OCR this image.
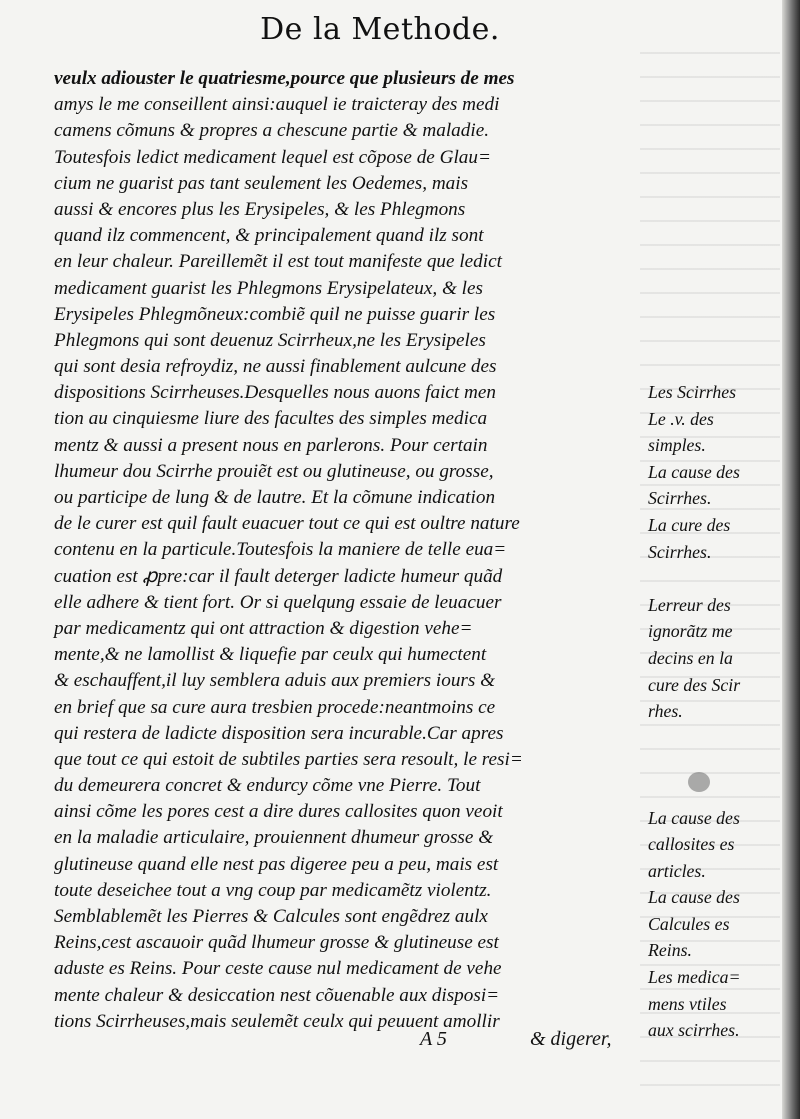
De la Methode.
veulx adiouster le quatriesme,pource que plusieurs de mes
amys le me conseillent ainsi:auquel ie traicteray des medi
camens cõmuns & propres a chescune partie & maladie.
Toutesfois ledict medicament lequel est cõpose de Glau=
cium ne guarist pas tant seulement les Oedemes, mais
aussi & encores plus les Erysipeles, & les Phlegmons
quand ilz commencent, & principalement quand ilz sont
en leur chaleur. Pareillemẽt il est tout manifeste que ledict
medicament guarist les Phlegmons Erysipelateux, & les
Erysipeles Phlegmõneux:combiẽ quil ne puisse guarir les
Phlegmons qui sont deuenuz Scirrheux,ne les Erysipeles
qui sont desia refroydiz, ne aussi finablement aulcune des
dispositions Scirrheuses.Desquelles nous auons faict men
tion au cinquiesme liure des facultes des simples medica
mentz & aussi a present nous en parlerons. Pour certain
lhumeur dou Scirrhe prouiẽt est ou glutineuse, ou grosse,
ou participe de lung & de lautre. Et la cõmune indication
de le curer est quil fault euacuer tout ce qui est oultre nature
contenu en la particule.Toutesfois la maniere de telle eua=
cuation est ꝓpre:car il fault deterger ladicte humeur quãd
elle adhere & tient fort. Or si quelqung essaie de leuacuer
par medicamentz qui ont attraction & digestion vehe=
mente,& ne lamollist & liquefie par ceulx qui humectent
& eschauffent,il luy semblera aduis aux premiers iours &
en brief que sa cure aura tresbien procede:neantmoins ce
qui restera de ladicte disposition sera incurable.Car apres
que tout ce qui estoit de subtiles parties sera resoult, le resi=
du demeurera concret & endurcy cõme vne Pierre. Tout
ainsi cõme les pores cest a dire dures callosites quon veoit
en la maladie articulaire, prouiennent dhumeur grosse &
glutineuse quand elle nest pas digeree peu a peu, mais est
toute deseichee tout a vng coup par medicamẽtz violentz.
Semblablemẽt les Pierres & Calcules sont engẽdrez aulx
Reins,cest ascauoir quãd lhumeur grosse & glutineuse est
aduste es Reins. Pour ceste cause nul medicament de vehe
mente chaleur & desiccation nest cõuenable aux disposi=
tions Scirrheuses,mais seulemẽt ceulx qui peuuent amollir
Les Scirrhes
Le .v. des
simples.
La cause des
Scirrhes.
La cure des
Scirrhes.
Lerreur des
ignorãtz me
decins en la
cure des Scir
rhes.
La cause des
callosites es
articles.
La cause des
Calcules es
Reins.
Les medica=
mens vtiles
aux scirrhes.
A 5	& digerer,
